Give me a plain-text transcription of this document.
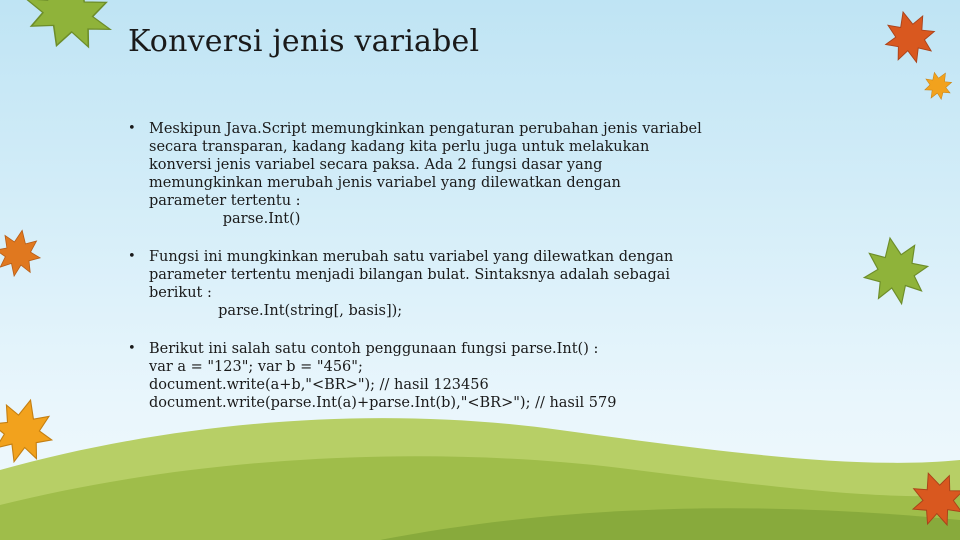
Konversi jenis variabel
• Meskipun Java.Script memungkinkan pengaturan perubahan jenis variabel
secara transparan, kadang kadang kita perlu juga untuk melakukan
konversi jenis variabel secara paksa. Ada 2 fungsi dasar yang
memungkinkan merubah jenis variabel yang dilewatkan dengan
parameter tertentu :
parse.Int()
• Fungsi ini mungkinkan merubah satu variabel yang dilewatkan dengan
parameter tertentu menjadi bilangan bulat. Sintaksnya adalah sebagai
berikut :
parse.Int(string[, basis]);
• Berikut ini salah satu contoh penggunaan fungsi parse.Int() :
var a = "123"; var b = "456";
document.write(a+b,"<BR>"); // hasil 123456
document.write(parse.Int(a)+parse.Int(b),"<BR>"); // hasil 579
